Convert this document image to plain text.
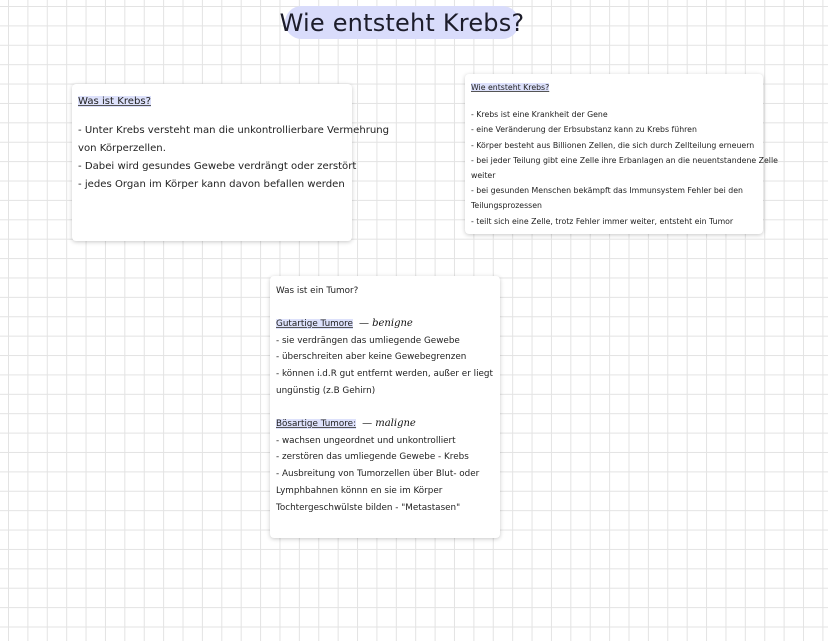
Wie entsteht Krebs?

Was ist Krebs?

- Unter Krebs versteht man die unkontrollierbare Vermehrung

von Körperzellen.

- Dabei wird gesundes Gewebe verdrängt oder zerstört

- jedes Organ im Körper kann davon befallen werden

Wie entsteht Krebs?

- Krebs ist eine Krankheit der Gene

- eine Veränderung der Erbsubstanz kann zu Krebs führen

- Körper besteht aus Billionen Zellen, die sich durch Zellteilung erneuern

- bei jeder Teilung gibt eine Zelle ihre Erbanlagen an die neuentstandene Zelle

weiter

- bei gesunden Menschen bekämpft das Immunsystem Fehler bei den

Teilungsprozessen

- teilt sich eine Zelle, trotz Fehler immer weiter, entsteht ein Tumor

Was ist ein Tumor?

Gutartige Tumore — benigne

- sie verdrängen das umliegende Gewebe

- überschreiten aber keine Gewebegrenzen

- können i.d.R gut entfernt werden, außer er liegt

ungünstig (z.B Gehirn)

Bösartige Tumore: — maligne

- wachsen ungeordnet und unkontrolliert

- zerstören das umliegende Gewebe - Krebs

- Ausbreitung von Tumorzellen über Blut- oder

Lymphbahnen könnn en sie im Körper

Tochtergeschwülste bilden - "Metastasen"
